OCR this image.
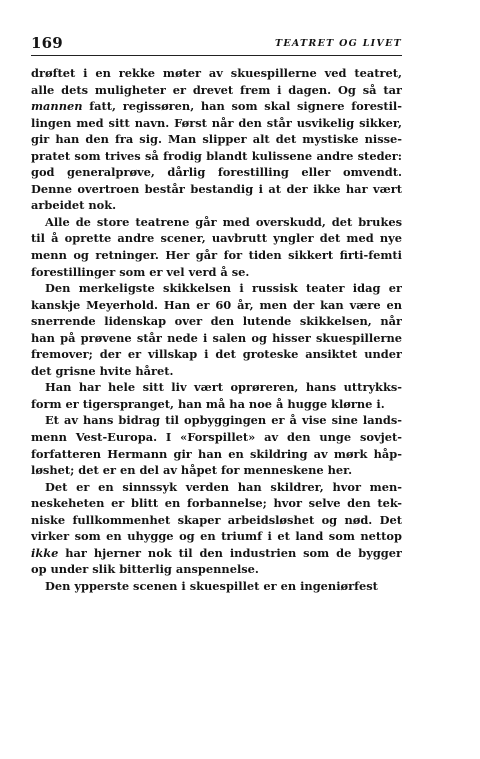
169	TEATRET OG LIVET
drøftet i en rekke møter av skuespillerne ved teatret,
alle dets muligheter er drevet frem i dagen. Og så tar
mannen fatt, regissøren, han som skal signere forestil-
lingen med sitt navn. Først når den står usvikelig sikker,
gir han den fra sig. Man slipper alt det mystiske nisse-
pratet som trives så frodig blandt kulissene andre steder:
god generalprøve, dårlig forestilling eller omvendt.
Denne overtroen består bestandig i at der ikke har vært
arbeidet nok.
Alle de store teatrene går med overskudd, det brukes
til å oprette andre scener, uavbrutt yngler det med nye
menn og retninger. Her går for tiden sikkert firti-femti
forestillinger som er vel verd å se.
Den merkeligste skikkelsen i russisk teater idag er
kanskje Meyerhold. Han er 60 år, men der kan være en
snerrende lidenskap over den lutende skikkelsen, når
han på prøvene står nede i salen og hisser skuespillerne
fremover; der er villskap i det groteske ansiktet under
det grisne hvite håret.
Han har hele sitt liv vært oprøreren, hans uttrykks-
form er tigerspranget, han må ha noe å hugge klørne i.
Et av hans bidrag til opbyggingen er å vise sine lands-
menn Vest-Europa. I «Forspillet» av den unge sovjet-
forfatteren Hermann gir han en skildring av mørk håp-
løshet; det er en del av håpet for menneskene her.
Det er en sinnssyk verden han skildrer, hvor men-
neskeheten er blitt en forbannelse; hvor selve den tek-
niske fullkommenhet skaper arbeidsløshet og nød. Det
virker som en uhygge og en triumf i et land som nettop
ikke har hjerner nok til den industrien som de bygger
op under slik bitterlig anspennelse.
Den ypperste scenen i skuespillet er en ingeniørfest
